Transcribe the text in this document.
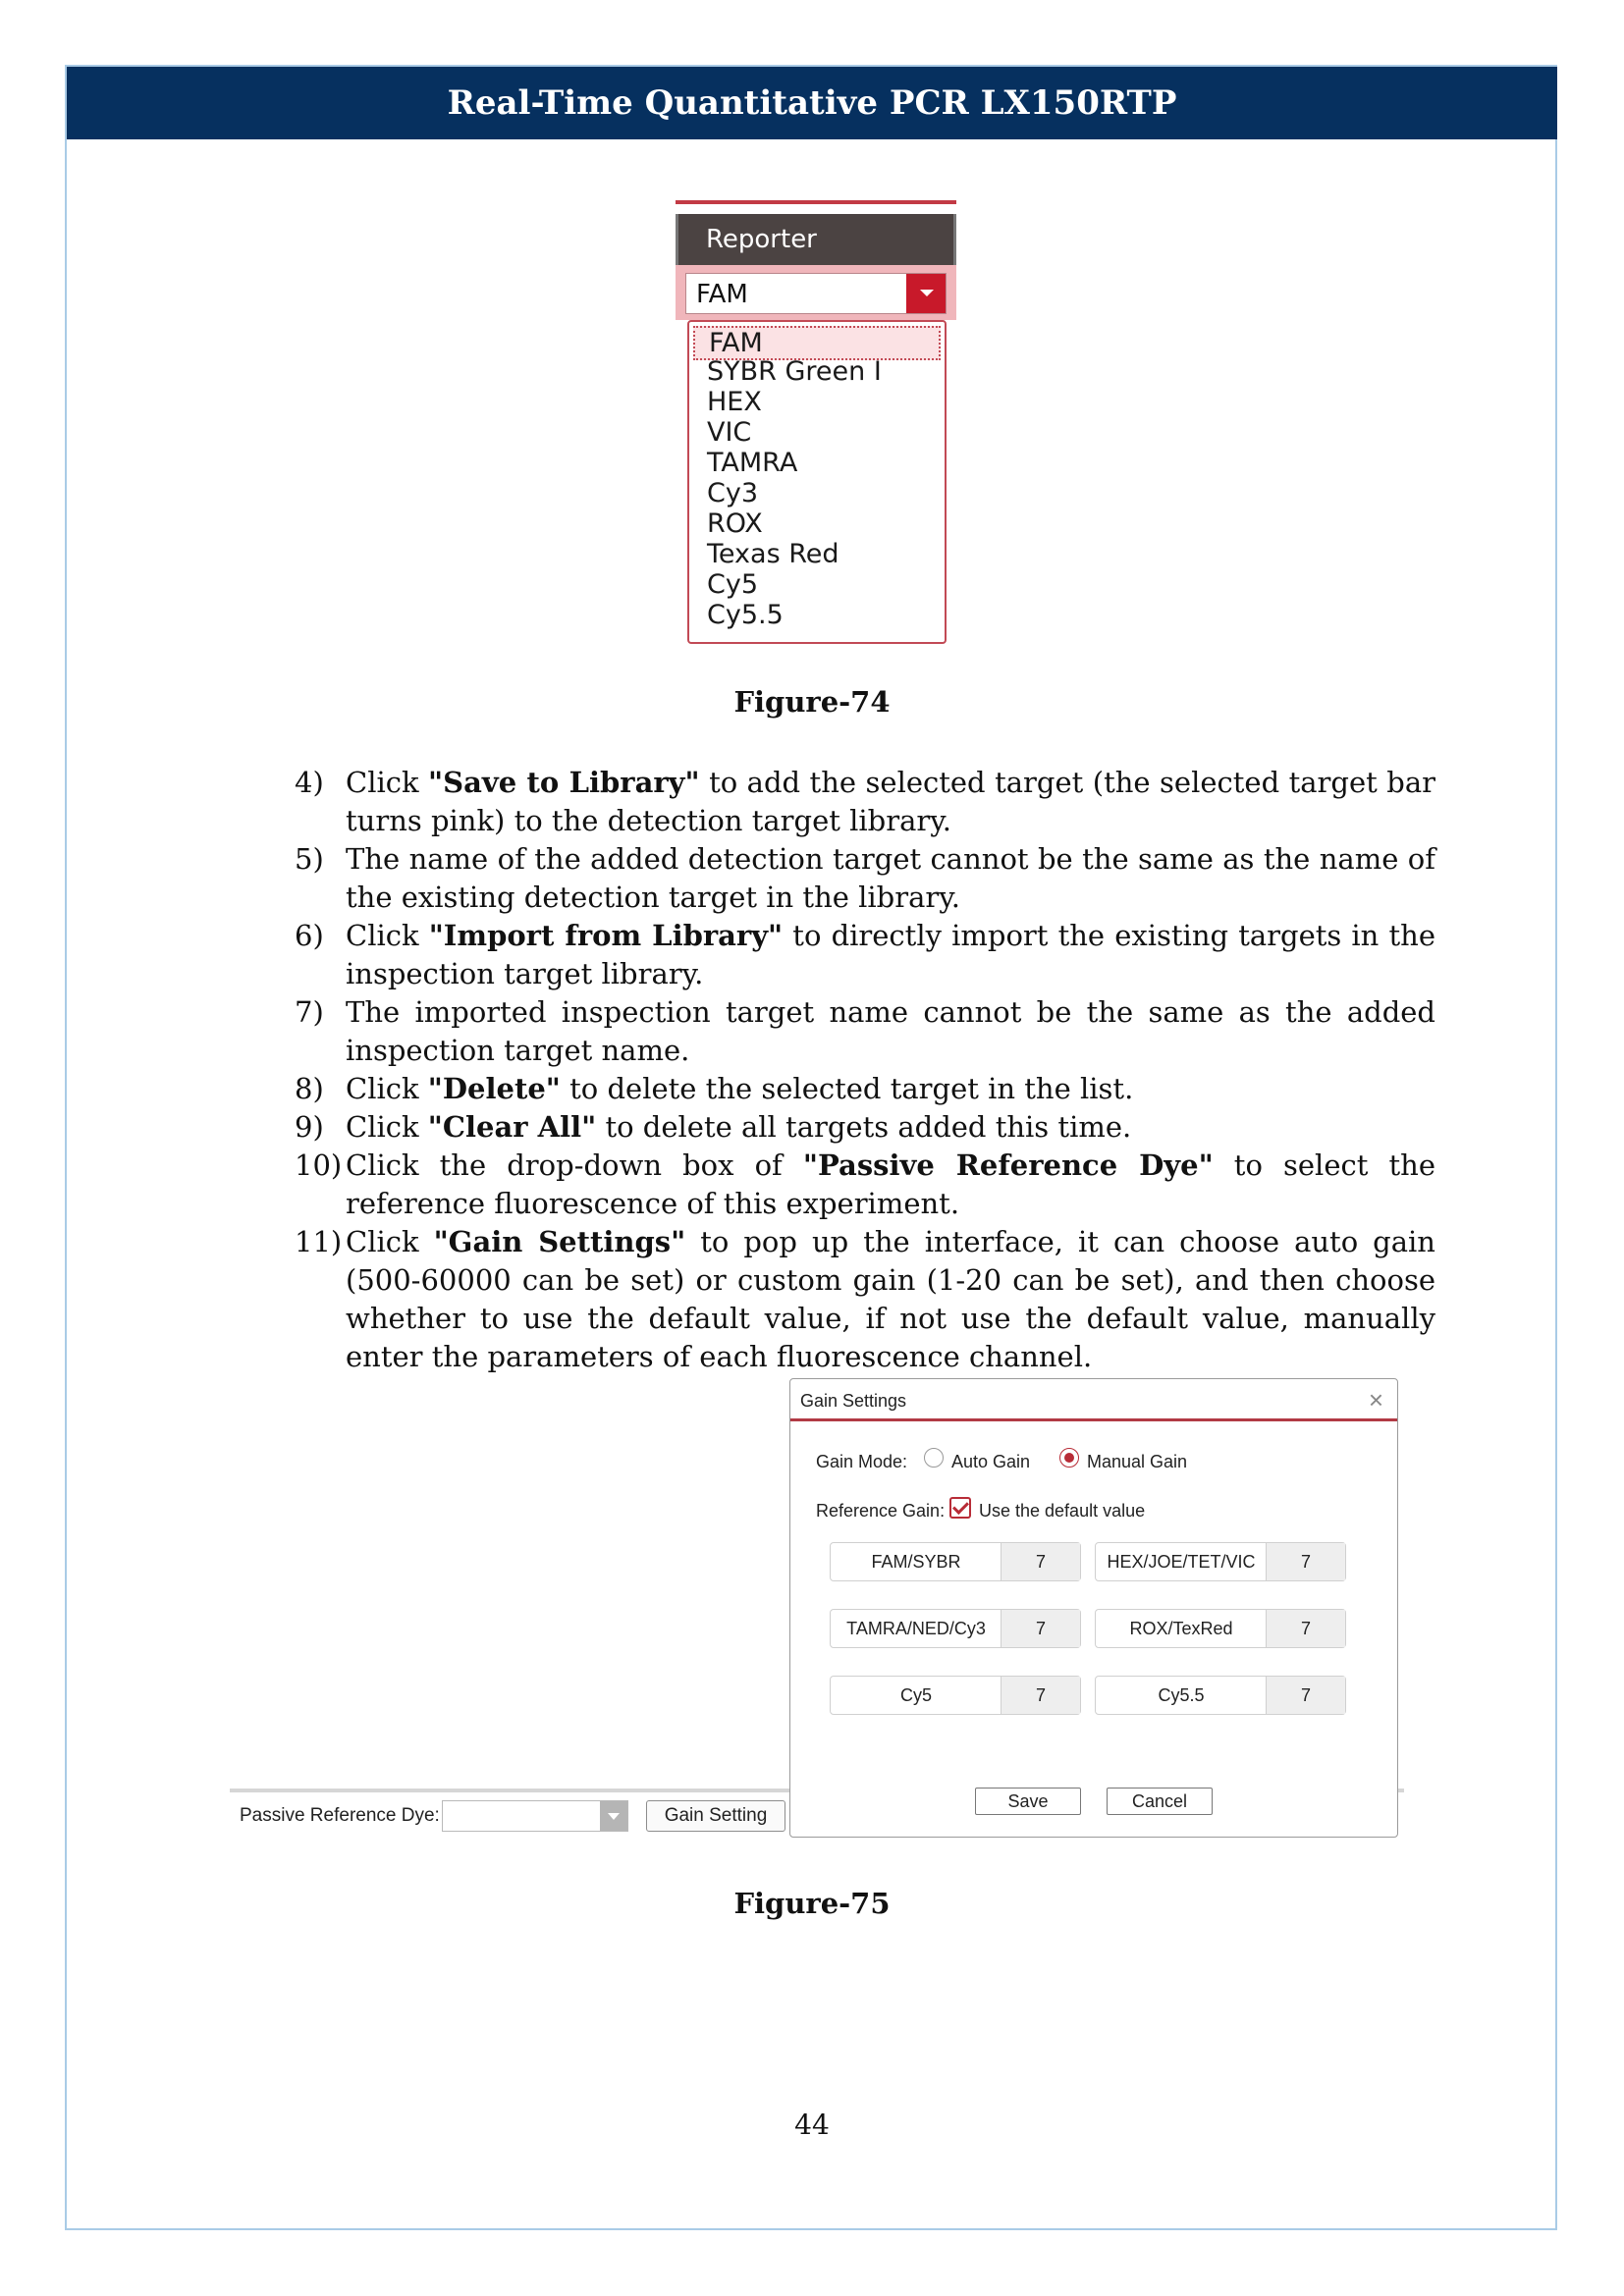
Real-Time Quantitative PCR LX150RTP
Reporter
FAM
FAM
SYBR Green I
HEX
VIC
TAMRA
Cy3
ROX
Texas Red
Cy5
Cy5.5
Figure-74
4) Click "Save to Library" to add the selected target (the selected target bar turns pink) to the detection target library.
5) The name of the added detection target cannot be the same as the name of the existing detection target in the library.
6) Click "Import from Library" to directly import the existing targets in the inspection target library.
7) The imported inspection target name cannot be the same as the added inspection target name.
8) Click "Delete" to delete the selected target in the list.
9) Click "Clear All" to delete all targets added this time.
10) Click the drop-down box of "Passive Reference Dye" to select the reference fluorescence of this experiment.
11) Click "Gain Settings" to pop up the interface, it can choose auto gain (500-60000 can be set) or custom gain (1-20 can be set), and then choose whether to use the default value, if not use the default value, manually enter the parameters of each fluorescence channel.
Passive Reference Dye:	Gain Setting
Gain Settings	×
Gain Mode: Auto Gain	Manual Gain
Reference Gain: Use the default value
FAM/SYBR	7	HEX/JOE/TET/VIC	7
TAMRA/NED/Cy3	7	ROX/TexRed	7
Cy5	7	Cy5.5	7
Save	Cancel
Figure-75
44
